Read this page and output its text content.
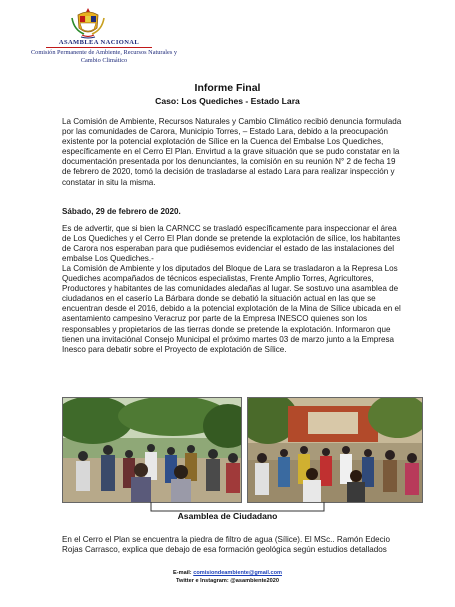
ASAMBLEA NACIONAL
Comisión Permanente de Ambiente, Recursos Naturales y Cambio Climático
Informe Final
Caso: Los Quediches - Estado Lara

La Comisión de Ambiente, Recursos Naturales y Cambio Climático recibió denuncia formulada por las comunidades de Carora, Municipio Torres, – Estado Lara, debido a la preocupación existente por la potencial explotación de Sílice en la Cuenca del Embalse Los Quediches, específicamente en el Cerro El Plan. Envirtud a la grave situación que se pudo constatar en la documentación presentada por los denunciantes, la comisión en su reunión N° 2 de fecha 19 de febrero de 2020, tomó la decisión de trasladarse al estado Lara para realizar inspección y constatar in situ la misma.

Sábado, 29 de febrero de 2020.

Es de advertir, que si bien la CARNCC se trasladó específicamente para inspeccionar el área de Los Quediches y el Cerro El Plan donde se pretende la explotación de sílice, los habitantes de Carora nos esperaban para que pudiésemos evidenciar el estado de las instalaciones del embalse Los Quediches.-

La Comisión de Ambiente y los diputados del Bloque de Lara se trasladaron a la Represa Los Quediches acompañados de técnicos especialistas, Frente Amplio Torres, Agricultores, Productores y habitantes de las comunidades aledañas al lugar. Se sostuvo una asamblea de ciudadanos en el caserío La Bárbara donde se debatió la situación actual en las que se encuentran desde el 2016, debido a la potencial explotación de la Mina de Sílice ubicada en el asentamiento campesino Veracruz por parte de la Empresa INESCO quienes son los responsables y propietarios de las tierras donde se pretende la explotación. Informaron que tienen una invitaciónal Consejo Municipal el próximo martes 03 de marzo junto a la Empresa Inesco para debatir sobre el Proyecto de explotación de Sílice.

Asamblea de Ciudadano

En el Cerro el Plan se encuentra la piedra de filtro de agua (Sílice). El MSc.. Ramón Edecio Rojas Carrasco, explica que debajo de esa formación geológica según estudios detallados

E-mail: comisiondeambiente@gmail.com
Twitter e Instagram: @asambiente2020
